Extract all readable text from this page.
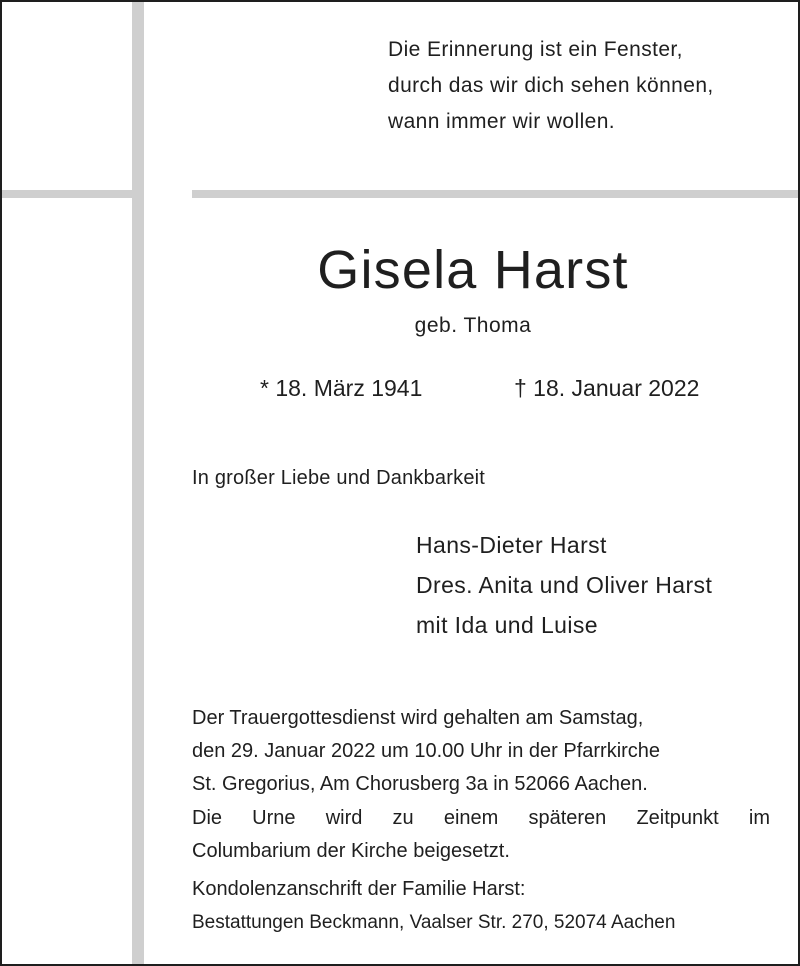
Die Erinnerung ist ein Fenster,
durch das wir dich sehen können,
wann immer wir wollen.
Gisela Harst
geb. Thoma
* 18. März 1941	† 18. Januar 2022
In großer Liebe und Dankbarkeit
Hans-Dieter Harst
Dres. Anita und Oliver Harst
mit Ida und Luise
Der Trauergottesdienst wird gehalten am Samstag,
den 29. Januar 2022 um 10.00 Uhr in der Pfarrkirche
St. Gregorius, Am Chorusberg 3a in 52066 Aachen.
Die Urne wird zu einem späteren Zeitpunkt im
Columbarium der Kirche beigesetzt.
Kondolenzanschrift der Familie Harst:
Bestattungen Beckmann, Vaalser Str. 270, 52074 Aachen
